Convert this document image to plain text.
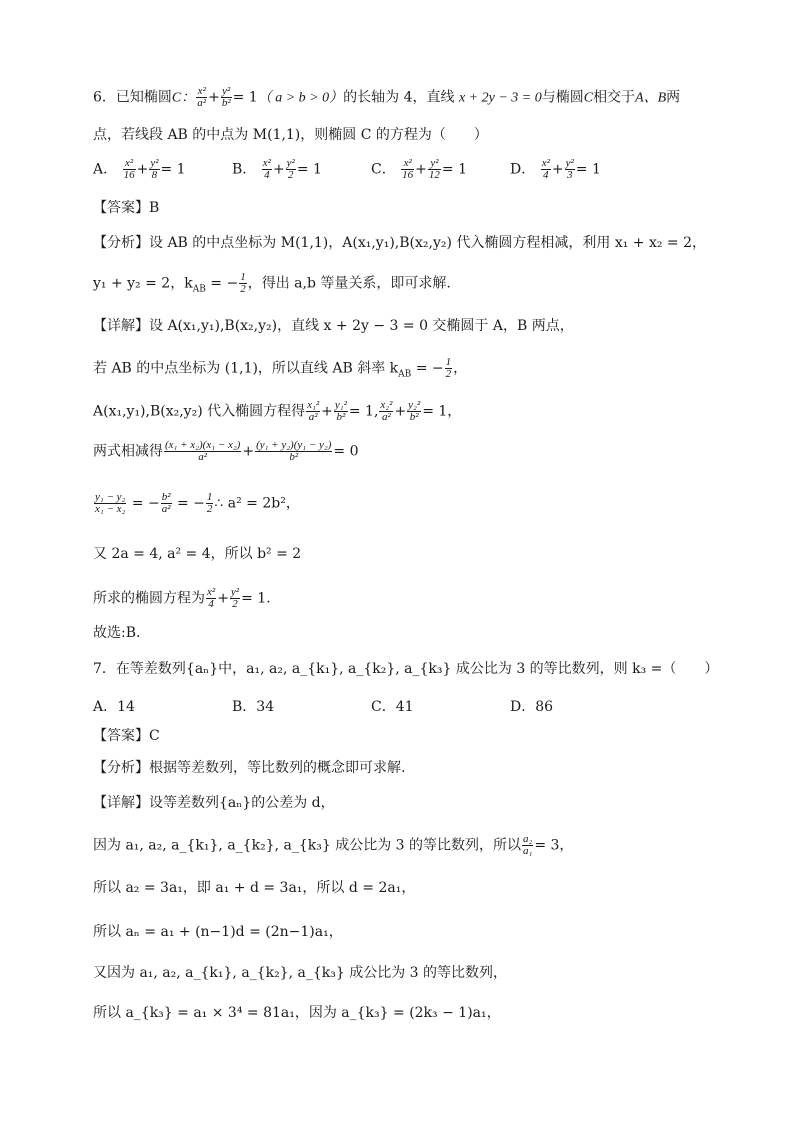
6．已知椭圆C： $\frac{\text{x²}}{\text{a²}} + \frac{\text{y²}}{\text{b²}} = 1$（ a > b > 0）的长轴为 4，直线 x + 2y − 3 = 0与椭圆C相交于A、B两
点，若线段 AB 的中点为 M(1,1)，则椭圆 C 的方程为（　　）
A． $\frac{\text{x²}}{16} + \frac{\text{y²}}{8} = 1$	B． $\frac{\text{x²}}{4} + \frac{\text{y²}}{2} = 1$	C． $\frac{\text{x²}}{16} + \frac{\text{y²}}{12} = 1$	D． $\frac{\text{x²}}{4} + \frac{\text{y²}}{3} = 1$
【答案】B
【分析】设 AB 的中点坐标为 M(1,1)，A(x₁,y₁),B(x₂,y₂) 代入椭圆方程相减，利用 x₁ + x₂ = 2，
y₁ + y₂ = 2，$k_{AB}$ = − $\frac{1}{2}$ ，得出 a,b 等量关系，即可求解.
【详解】设 A(x₁,y₁),B(x₂,y₂)，直线 x + 2y − 3 = 0 交椭圆于 A，B 两点，
若 AB 的中点坐标为 (1,1)，所以直线 AB 斜率 $k_{AB}$ = − $\frac{1}{2}$ ，
A(x₁,y₁),B(x₂,y₂) 代入椭圆方程得 $\frac{\text{x₁²}}{\text{a²}} + \frac{\text{y₁²}}{\text{b²}} = 1$, $\frac{\text{x₂²}}{\text{a²}} + \frac{\text{y₂²}}{\text{b²}} = 1$，
两式相减得 $\frac{\text{(x₁ + x₂)(x₁ − x₂)}}{\text{a²}} + \frac{\text{(y₁ + y₂)(y₁ − y₂)}}{\text{b²}} = 0$
$\frac{\text{y₁ − y₂}}{\text{x₁ − x₂}}$ = − $\frac{\text{b²}}{\text{a²}}$ = − $\frac{1}{2}$ ∴ a² = 2b²，
又 2a = 4, a² = 4，所以 b² = 2
所求的椭圆方程为 $\frac{\text{x²}}{4} + \frac{\text{y²}}{2} = 1$.
故选:B.
7．在等差数列{aₙ}中，a₁, a₂, a_{k₁}, a_{k₂}, a_{k₃} 成公比为 3 的等比数列，则 k₃ =（　　）
A．14	B．34	C．41	D．86
【答案】C
【分析】根据等差数列，等比数列的概念即可求解.
【详解】设等差数列{aₙ}的公差为 d，
因为 a₁, a₂, a_{k₁}, a_{k₂}, a_{k₃} 成公比为 3 的等比数列，所以 $\frac{\text{a₂}}{\text{a₁}} = 3$，
所以 a₂ = 3a₁，即 a₁ + d = 3a₁，所以 d = 2a₁，
所以 aₙ = a₁ + (n−1)d = (2n−1)a₁，
又因为 a₁, a₂, a_{k₁}, a_{k₂}, a_{k₃} 成公比为 3 的等比数列，
所以 a_{k₃} = a₁ × 3⁴ = 81a₁，因为 a_{k₃} = (2k₃ − 1)a₁，
